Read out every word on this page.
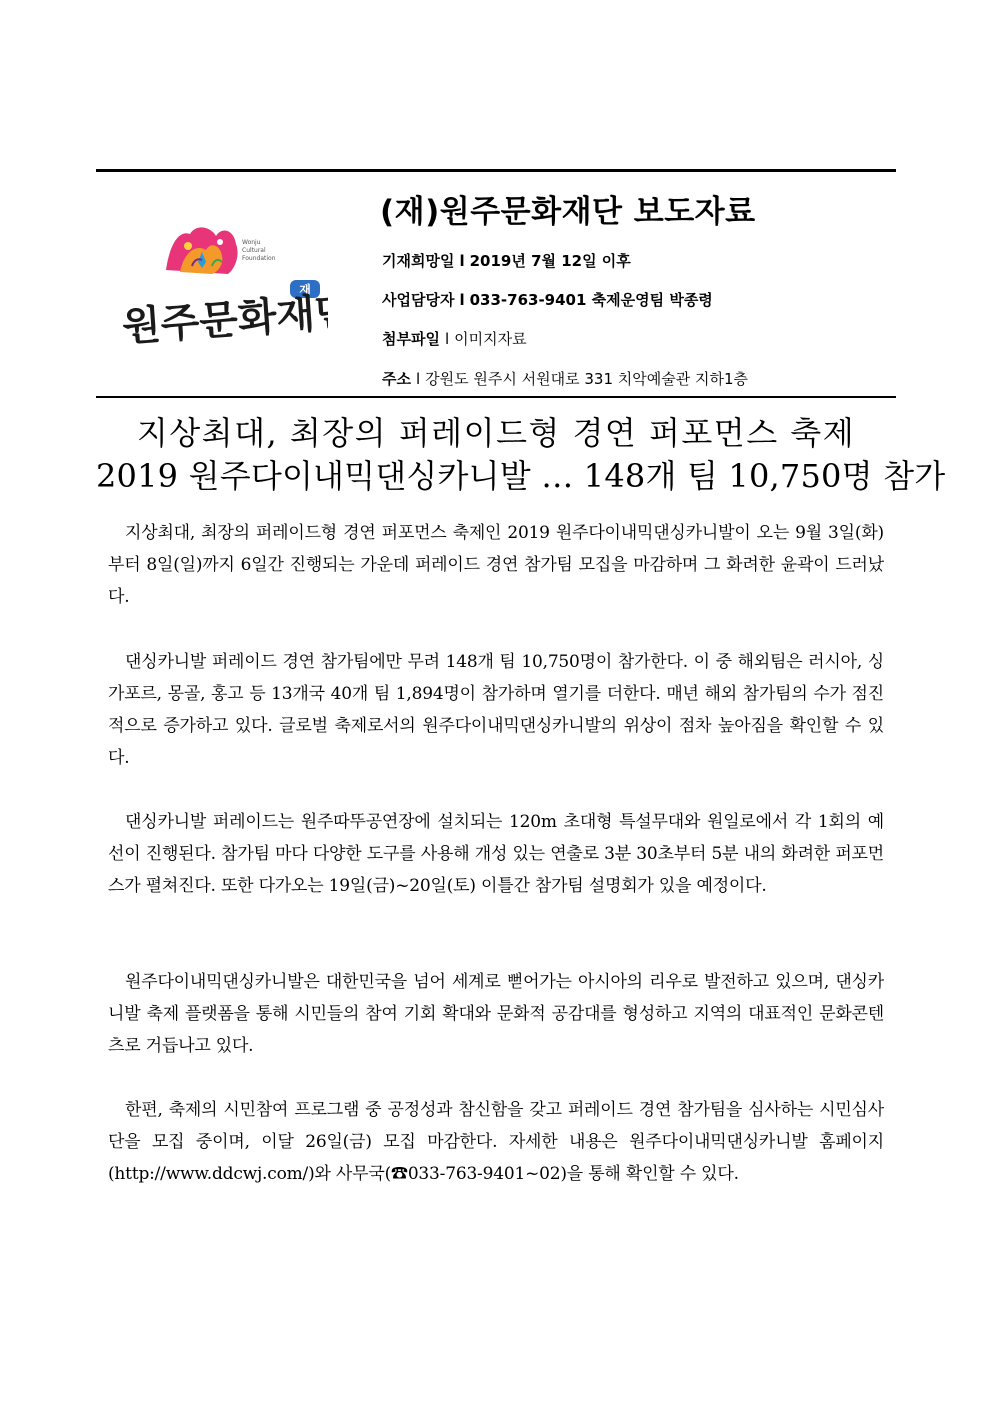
Wonju
Cultural
Foundation
재
원주문화재단
(재)원주문화재단 보도자료
기재희망일 l 2019년 7월 12일 이후
사업담당자 l 033-763-9401 축제운영팀 박종령
첨부파일 l 이미지자료
주소 l 강원도 원주시 서원대로 331 치악예술관 지하1층
지상최대, 최장의 퍼레이드형 경연 퍼포먼스 축제
2019 원주다이내믹댄싱카니발 … 148개 팀 10,750명 참가

지상최대, 최장의 퍼레이드형 경연 퍼포먼스 축제인 2019 원주다이내믹댄싱카니발이 오는 9월 3일(화)부터 8일(일)까지 6일간 진행되는 가운데 퍼레이드 경연 참가팀 모집을 마감하며 그 화려한 윤곽이 드러났다.

댄싱카니발 퍼레이드 경연 참가팀에만 무려 148개 팀 10,750명이 참가한다. 이 중 해외팀은 러시아, 싱가포르, 몽골, 홍고 등 13개국 40개 팀 1,894명이 참가하며 열기를 더한다. 매년 해외 참가팀의 수가 점진적으로 증가하고 있다. 글로벌 축제로서의 원주다이내믹댄싱카니발의 위상이 점차 높아짐을 확인할 수 있다.

댄싱카니발 퍼레이드는 원주따뚜공연장에 설치되는 120m 초대형 특설무대와 원일로에서 각 1회의 예선이 진행된다. 참가팀 마다 다양한 도구를 사용해 개성 있는 연출로 3분 30초부터 5분 내의 화려한 퍼포먼스가 펼쳐진다. 또한 다가오는 19일(금)~20일(토) 이틀간 참가팀 설명회가 있을 예정이다.

원주다이내믹댄싱카니발은 대한민국을 넘어 세계로 뻗어가는 아시아의 리우로 발전하고 있으며, 댄싱카니발 축제 플랫폼을 통해 시민들의 참여 기회 확대와 문화적 공감대를 형성하고 지역의 대표적인 문화콘텐츠로 거듭나고 있다.

한편, 축제의 시민참여 프로그램 중 공정성과 참신함을 갖고 퍼레이드 경연 참가팀을 심사하는 시민심사단을 모집 중이며, 이달 26일(금) 모집 마감한다. 자세한 내용은 원주다이내믹댄싱카니발 홈페이지(http://www.ddcwj.com/)와 사무국(☎033-763-9401~02)을 통해 확인할 수 있다.
